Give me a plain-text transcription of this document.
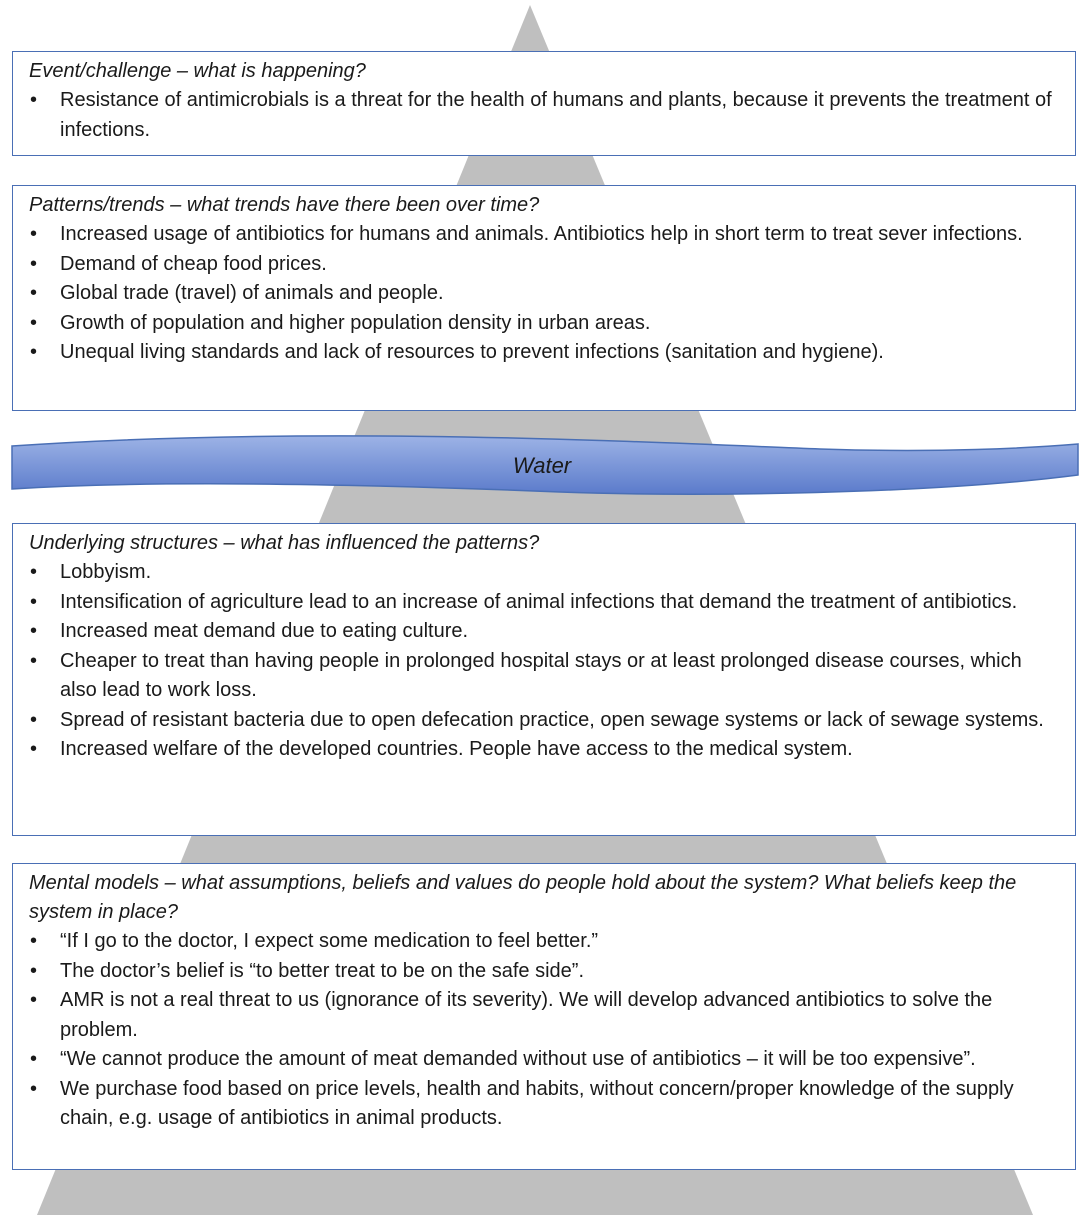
Water
Event/challenge – what is happening?
• Resistance of antimicrobials is a threat for the health of humans and plants, because it prevents the treatment of infections.
Patterns/trends – what trends have there been over time?
• Increased usage of antibiotics for humans and animals. Antibiotics help in short term to treat sever infections.
• Demand of cheap food prices.
• Global trade (travel) of animals and people.
• Growth of population and higher population density in urban areas.
• Unequal living standards and lack of resources to prevent infections (sanitation and hygiene).
Underlying structures – what has influenced the patterns?
• Lobbyism.
• Intensification of agriculture lead to an increase of animal infections that demand the treatment of antibiotics.
• Increased meat demand due to eating culture.
• Cheaper to treat than having people in prolonged hospital stays or at least prolonged disease courses, which also lead to work loss.
• Spread of resistant bacteria due to open defecation practice, open sewage systems or lack of sewage systems.
• Increased welfare of the developed countries. People have access to the medical system.
Mental models – what assumptions, beliefs and values do people hold about the system? What beliefs keep the system in place?
• “If I go to the doctor, I expect some medication to feel better.”
• The doctor’s belief is “to better treat to be on the safe side”.
• AMR is not a real threat to us (ignorance of its severity). We will develop advanced antibiotics to solve the problem.
• “We cannot produce the amount of meat demanded without use of antibiotics – it will be too expensive”.
• We purchase food based on price levels, health and habits, without concern/proper knowledge of the supply chain, e.g. usage of antibiotics in animal products.
